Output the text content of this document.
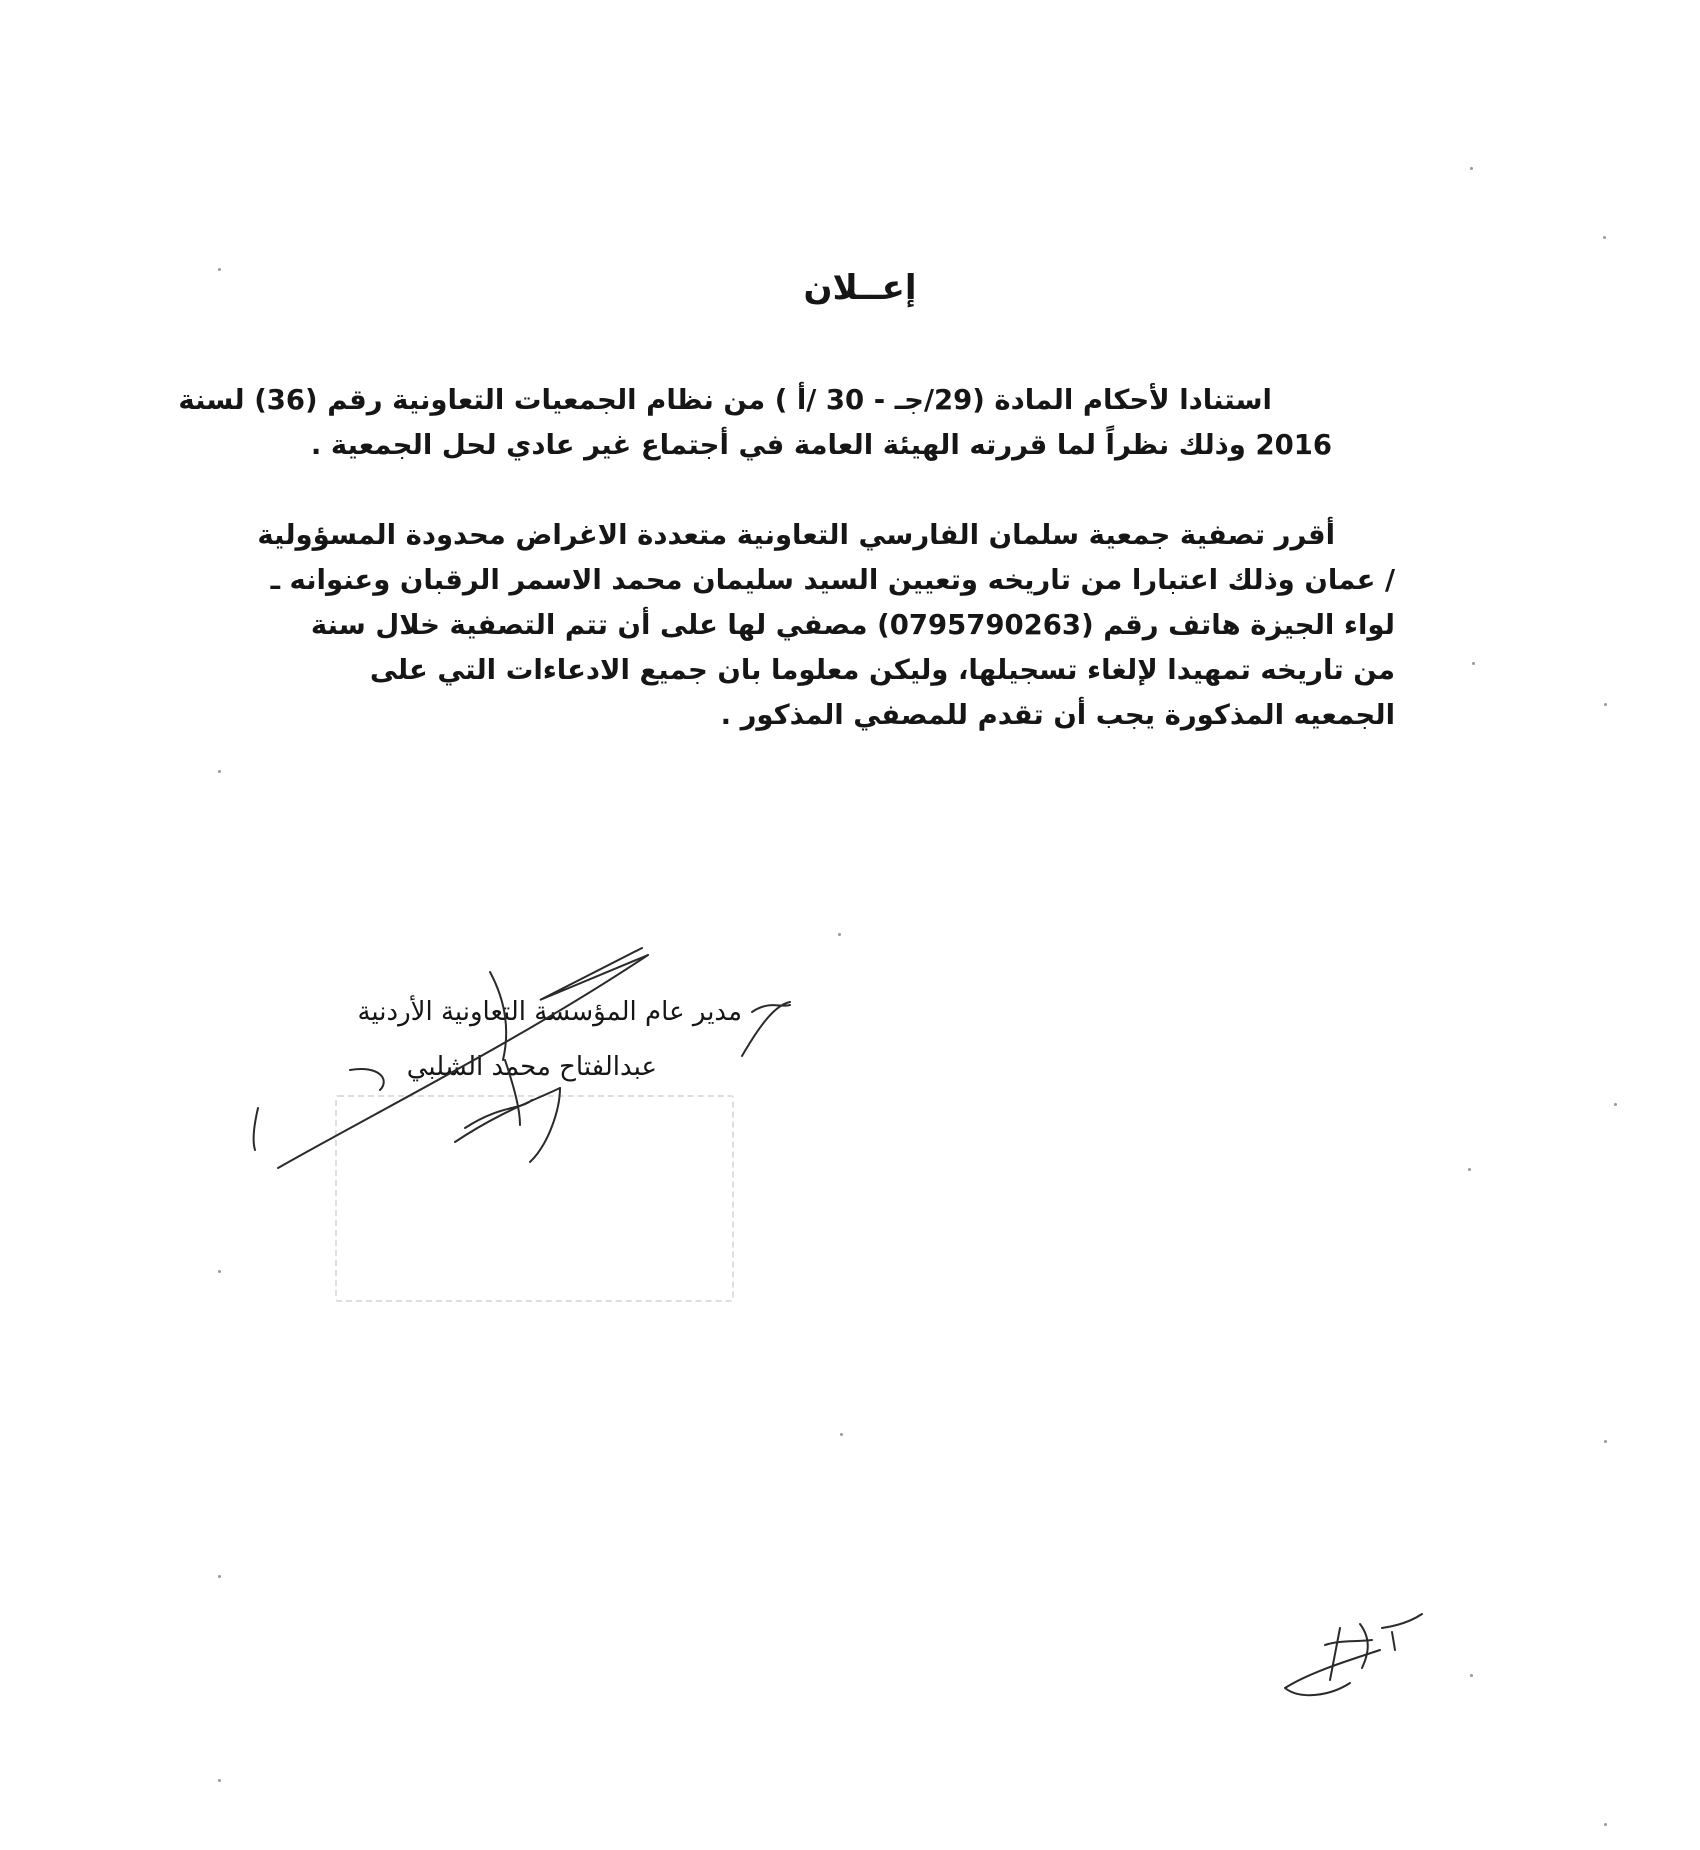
إعــلان
استنادا لأحكام المادة (29/جـ - 30 /أ ) من نظام الجمعيات التعاونية رقم (36) لسنة
2016 وذلك نظراً لما قررته الهيئة العامة في أجتماع غير عادي لحل الجمعية .
أقرر تصفية جمعية سلمان الفارسي التعاونية متعددة الاغراض محدودة المسؤولية
/ عمان وذلك اعتبارا من تاريخه وتعيين السيد سليمان محمد الاسمر الرقبان وعنوانه ـ
لواء الجيزة هاتف رقم (0795790263) مصفي لها على أن تتم التصفية خلال سنة
من تاريخه تمهيدا لإلغاء تسجيلها، وليكن معلوما بان جميع الادعاءات التي على
الجمعيه المذكورة يجب أن تقدم للمصفي المذكور .
مدير عام المؤسسة التعاونية الأردنية
عبدالفتاح محمد الشلبي
